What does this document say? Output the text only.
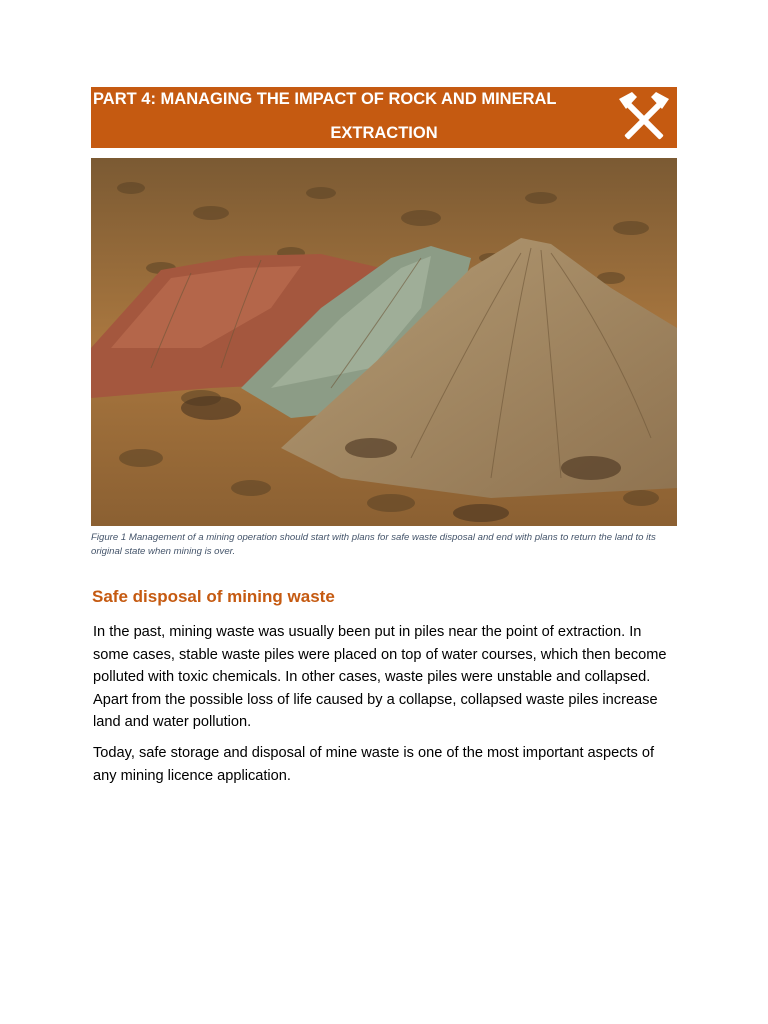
PART 4: MANAGING THE IMPACT OF ROCK AND MINERAL
EXTRACTION
Figure 1 Management of a mining operation should start with plans for safe waste disposal and end with plans to return the land to its original state when mining is over.
Safe disposal of mining waste

In the past, mining waste was usually been put in piles near the point of extraction. In some cases, stable waste piles were placed on top of water courses, which then become polluted with toxic chemicals. In other cases, waste piles were unstable and collapsed. Apart from the possible loss of life caused by a collapse, collapsed waste piles increase land and water pollution.

Today, safe storage and disposal of mine waste is one of the most important aspects of any mining licence application.
